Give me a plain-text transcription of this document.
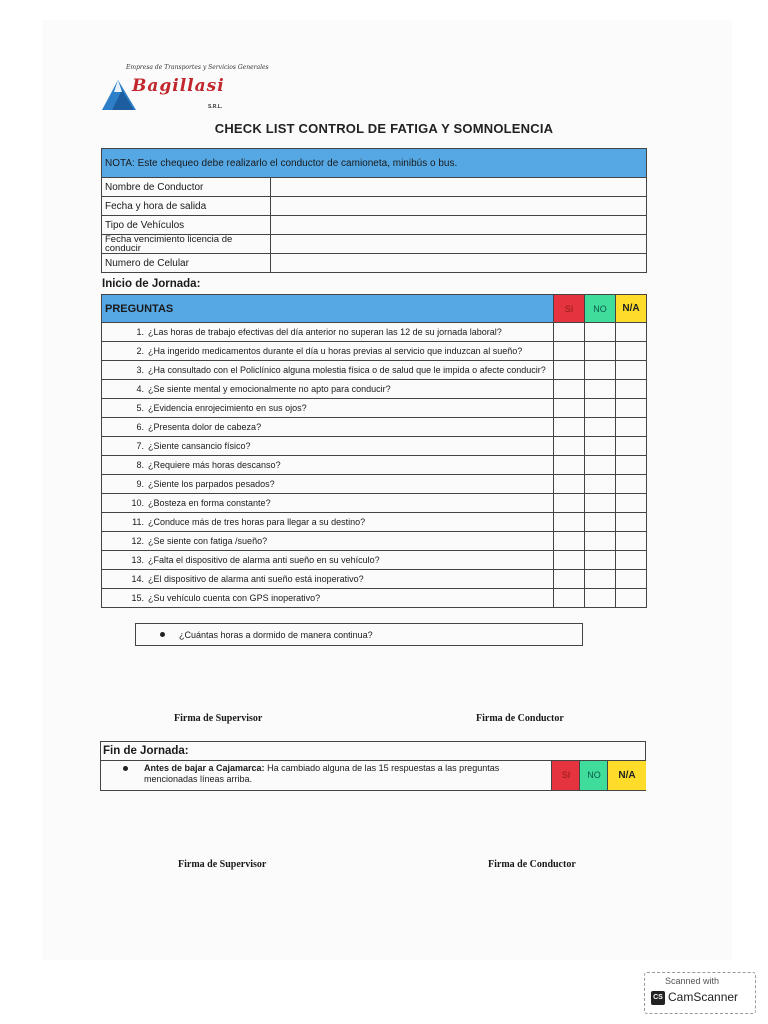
Empresa de Transportes y Servicios Generales
Bagillasi
S.R.L.
CHECK LIST CONTROL DE FATIGA Y SOMNOLENCIA
NOTA: Este chequeo debe realizarlo el conductor de camioneta, minibús o bus.	
Nombre de Conductor	
Fecha y hora de salida	
Tipo de Vehículos	
Fecha vencimiento licencia de conducir	
Numero de Celular	
Inicio de Jornada:
PREGUNTAS	SI	NO	N/A
1. ¿Las horas de trabajo efectivas del día anterior no superan las 12 de su jornada laboral?			
2. ¿Ha ingerido medicamentos durante el día u horas previas al servicio que induzcan al sueño?			
3. ¿Ha consultado con el Policlínico alguna molestia física o de salud que le impida o afecte conducir?			
4. ¿Se siente mental y emocionalmente no apto para conducir?			
5. ¿Evidencia enrojecimiento en sus ojos?			
6. ¿Presenta dolor de cabeza?			
7. ¿Siente cansancio físico?			
8. ¿Requiere más horas descanso?			
9. ¿Siente los parpados pesados?			
10. ¿Bosteza en forma constante?			
11. ¿Conduce más de tres horas para llegar a su destino?			
12. ¿Se siente con fatiga /sueño?			
13. ¿Falta el dispositivo de alarma anti sueño en su vehículo?			
14. ¿El dispositivo de alarma anti sueño está inoperativo?			
15. ¿Su vehículo cuenta con GPS inoperativo?			
¿Cuántas horas a dormido de manera continua?
Firma de Supervisor	Firma de Conductor
Fin de Jornada:
Antes de bajar a Cajamarca: Ha cambiado alguna de las 15 respuestas a las preguntas mencionadas líneas arriba.	SI	NO	N/A
Firma de Supervisor	Firma de Conductor
Scanned with
CS CamScanner
